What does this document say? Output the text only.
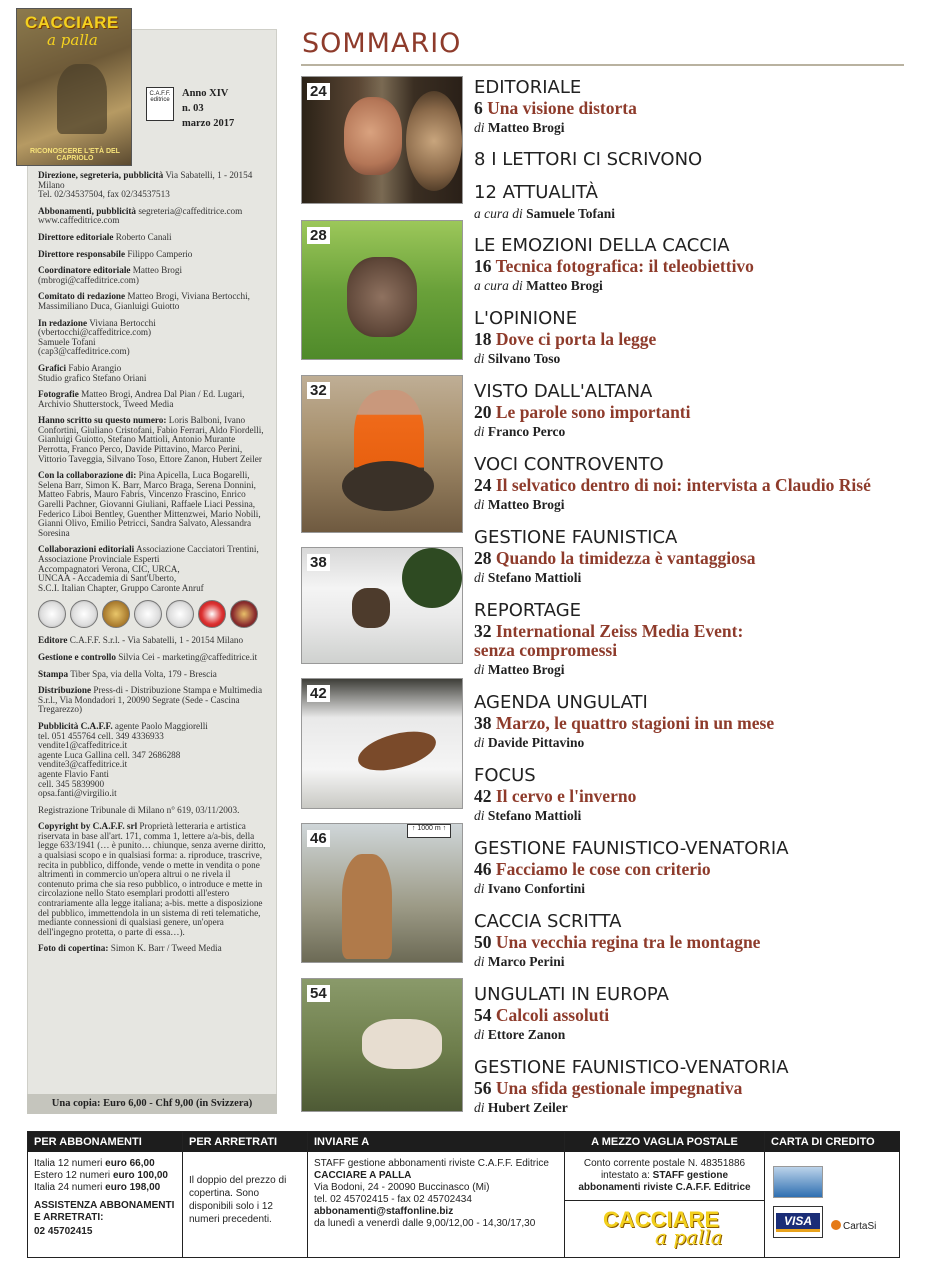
CACCIARE
a palla
RICONOSCERE L'ETÀ DEL CAPRIOLO
C.A.F.F.
editrice
Anno XIV
n. 03
marzo 2017
Direzione, segreteria, pubblicità Via Sabatelli, 1 - 20154 Milano
Tel. 02/34537504, fax 02/34537513
Abbonamenti, pubblicità segreteria@caffeditrice.com
www.caffeditrice.com
Direttore editoriale Roberto Canali
Direttore responsabile Filippo Camperio
Coordinatore editoriale Matteo Brogi
(mbrogi@caffeditrice.com)
Comitato di redazione Matteo Brogi, Viviana Bertocchi,
Massimiliano Duca, Gianluigi Guiotto
In redazione Viviana Bertocchi
(vbertocchi@caffeditrice.com)
Samuele Tofani
(cap3@caffeditrice.com)
Grafici Fabio Arangio
Studio grafico Stefano Oriani
Fotografie Matteo Brogi, Andrea Dal Pian / Ed. Lugari,
Archivio Shutterstock, Tweed Media
Hanno scritto su questo numero: Loris Balboni, Ivano Confortini, Giuliano Cristofani, Fabio Ferrari, Aldo Fiordelli, Gianluigi Guiotto, Stefano Mattioli, Antonio Murante Perrotta, Franco Perco, Davide Pittavino, Marco Perini, Vittorio Taveggia, Silvano Toso, Ettore Zanon, Hubert Zeiler
Con la collaborazione di: Pina Apicella, Luca Bogarelli, Selena Barr, Simon K. Barr, Marco Braga, Serena Donnini, Matteo Fabris, Mauro Fabris, Vincenzo Frascino, Enrico Garelli Pachner, Giovanni Giuliani, Raffaele Liaci Pessina, Federico Liboi Bentley, Guenther Mittenzwei, Mario Nobili, Gianni Olivo, Emilio Petricci, Sandra Salvato, Alessandra Soresina
Collaborazioni editoriali Associazione Cacciatori Trentini,
Associazione Provinciale Esperti
Accompagnatori Verona, CIC, URCA,
UNCAA - Accademia di Sant'Uberto,
S.C.I. Italian Chapter, Gruppo Caronte Anruf
Editore C.A.F.F. S.r.l. - Via Sabatelli, 1 - 20154 Milano
Gestione e controllo Silvia Cei - marketing@caffeditrice.it
Stampa Tiber Spa, via della Volta, 179 - Brescia
Distribuzione Press-di - Distribuzione Stampa e Multimedia S.r.l., Via Mondadori 1, 20090 Segrate (Sede - Cascina Tregarezzo)
Pubblicità C.A.F.F. agente Paolo Maggiorelli
tel. 051 455764 cell. 349 4336933
vendite1@caffeditrice.it
agente Luca Gallina cell. 347 2686288
vendite3@caffeditrice.it
agente Flavio Fanti
cell. 345 5839900
opsa.fanti@virgilio.it
Registrazione Tribunale di Milano n° 619, 03/11/2003.
Copyright by C.A.F.F. srl Proprietà letteraria e artistica riservata in base all'art. 171, comma 1, lettere a/a-bis, della legge 633/1941 (… è punito… chiunque, senza averne diritto, a qualsiasi scopo e in qualsiasi forma: a. riproduce, trascrive, recita in pubblico, diffonde, vende o mette in vendita o pone altrimenti in commercio un'opera altrui o ne rivela il contenuto prima che sia reso pubblico, o introduce e mette in circolazione nello Stato esemplari prodotti all'estero contrariamente alla legge italiana; a-bis. mette a disposizione del pubblico, immettendola in un sistema di reti telematiche, mediante connessioni di qualsiasi genere, un'opera dell'ingegno protetta, o parte di essa…).
Foto di copertina: Simon K. Barr / Tweed Media
Una copia: Euro 6,00 - Chf 9,00 (in Svizzera)
SOMMARIO
24
28
32
38
42
↑ 1000 m ↑
46
54
EDITORIALE
6 Una visione distorta
di Matteo Brogi
8 I LETTORI CI SCRIVONO
12 ATTUALITÀ
a cura di Samuele Tofani
LE EMOZIONI DELLA CACCIA
16 Tecnica fotografica: il teleobiettivo
a cura di Matteo Brogi
L'OPINIONE
18 Dove ci porta la legge
di Silvano Toso
VISTO DALL'ALTANA
20 Le parole sono importanti
di Franco Perco
VOCI CONTROVENTO
24 Il selvatico dentro di noi: intervista a Claudio Risé
di Matteo Brogi
GESTIONE FAUNISTICA
28 Quando la timidezza è vantaggiosa
di Stefano Mattioli
REPORTAGE
32 International Zeiss Media Event:
senza compromessi
di Matteo Brogi
AGENDA UNGULATI
38 Marzo, le quattro stagioni in un mese
di Davide Pittavino
FOCUS
42 Il cervo e l'inverno
di Stefano Mattioli
GESTIONE FAUNISTICO-VENATORIA
46 Facciamo le cose con criterio
di Ivano Confortini
CACCIA SCRITTA
50 Una vecchia regina tra le montagne
di Marco Perini
UNGULATI IN EUROPA
54 Calcoli assoluti
di Ettore Zanon
GESTIONE FAUNISTICO-VENATORIA
56 Una sfida gestionale impegnativa
di Hubert Zeiler
PER ABBONAMENTI
Italia 12 numeri euro 66,00
Estero 12 numeri euro 100,00
Italia 24 numeri euro 198,00
ASSISTENZA ABBONAMENTI
E ARRETRATI:
02 45702415
PER ARRETRATI
Il doppio del prezzo di copertina. Sono disponibili solo i 12 numeri precedenti.
INVIARE A
STAFF gestione abbonamenti riviste C.A.F.F. Editrice
CACCIARE A PALLA
Via Bodoni, 24 - 20090 Buccinasco (Mi)
tel. 02 45702415 - fax 02 45702434
abbonamenti@staffonline.biz
da lunedì a venerdì dalle 9,00/12,00 - 14,30/17,30
A MEZZO VAGLIA POSTALE
Conto corrente postale N. 48351886
intestato a: STAFF gestione
abbonamenti riviste C.A.F.F. Editrice
CACCIARE
a palla
CARTA DI CREDITO
VISA	CartaSi
